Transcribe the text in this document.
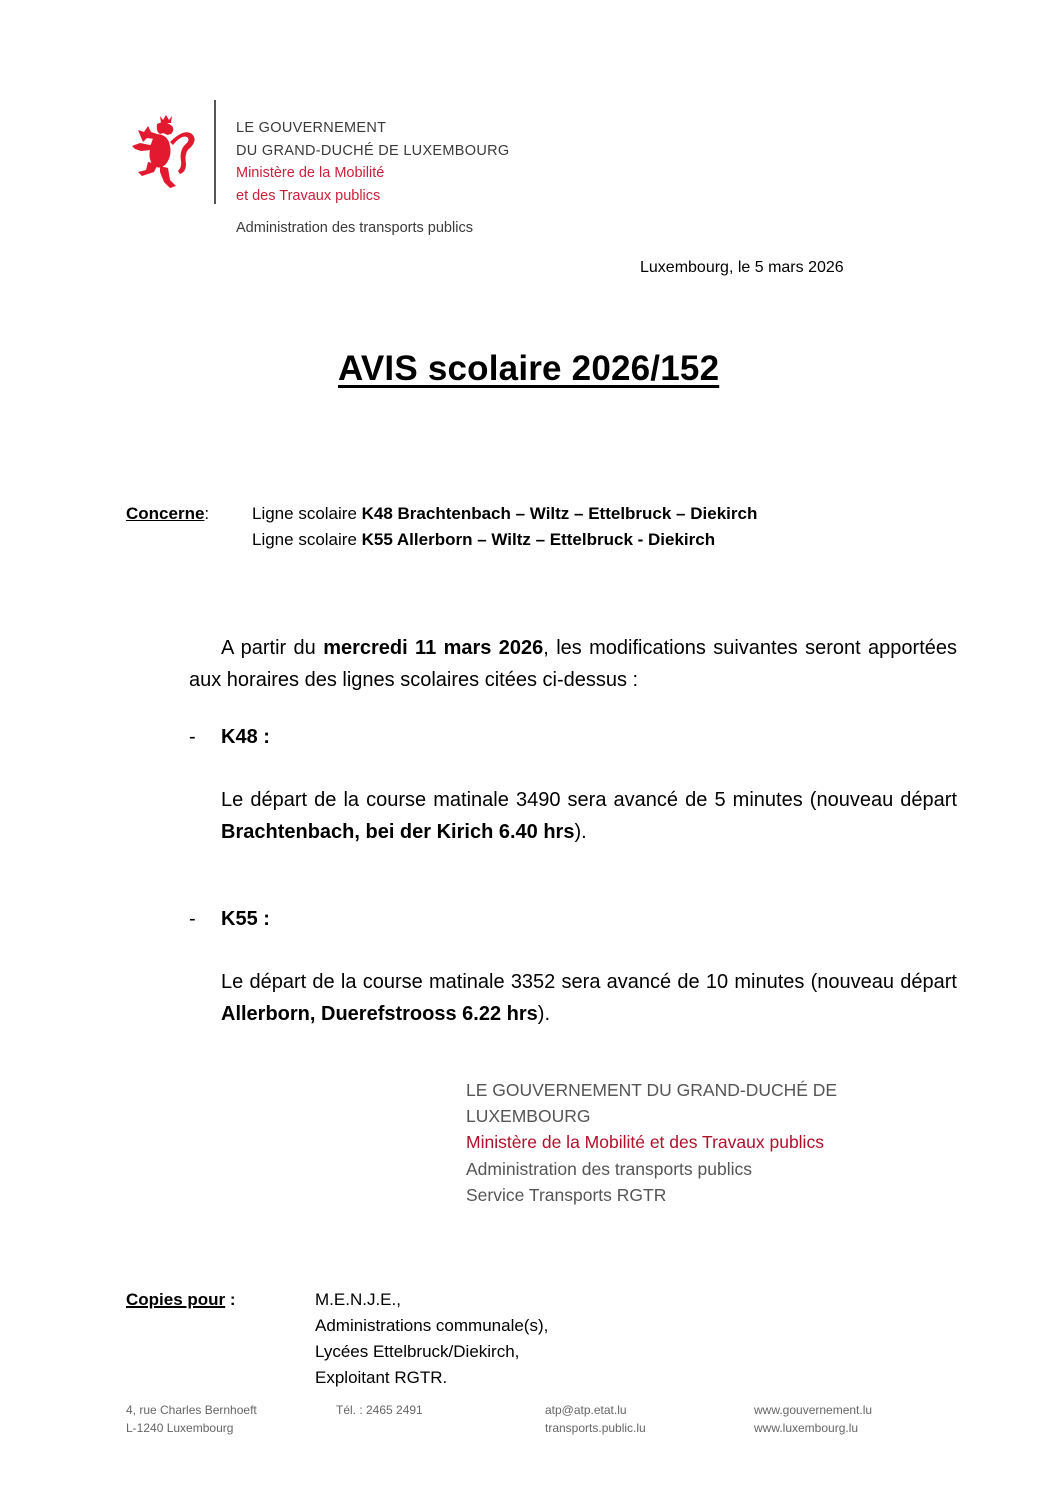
LE GOUVERNEMENT
DU GRAND-DUCHÉ DE LUXEMBOURG
Ministère de la Mobilité
et des Travaux publics
Administration des transports publics
Luxembourg, le 5 mars 2026
AVIS scolaire 2026/152
Concerne:	Ligne scolaire K48 Brachtenbach – Wiltz – Ettelbruck – Diekirch
Ligne scolaire K55 Allerborn – Wiltz – Ettelbruck - Diekirch
A partir du mercredi 11 mars 2026, les modifications suivantes seront apportées aux horaires des lignes scolaires citées ci-dessus :
- K48 :
Le départ de la course matinale 3490 sera avancé de 5 minutes (nouveau départ Brachtenbach, bei der Kirich 6.40 hrs).
- K55 :
Le départ de la course matinale 3352 sera avancé de 10 minutes (nouveau départ Allerborn, Duerefstrooss 6.22 hrs).
LE GOUVERNEMENT DU GRAND-DUCHÉ DE
LUXEMBOURG
Ministère de la Mobilité et des Travaux publics
Administration des transports publics
Service Transports RGTR
Copies pour :	M.E.N.J.E.,
Administrations communale(s),
Lycées Ettelbruck/Diekirch,
Exploitant RGTR.
4, rue Charles Bernhoeft
L-1240 Luxembourg
Tél. : 2465 2491	atp@atp.etat.lu
transports.public.lu
www.gouvernement.lu
www.luxembourg.lu
